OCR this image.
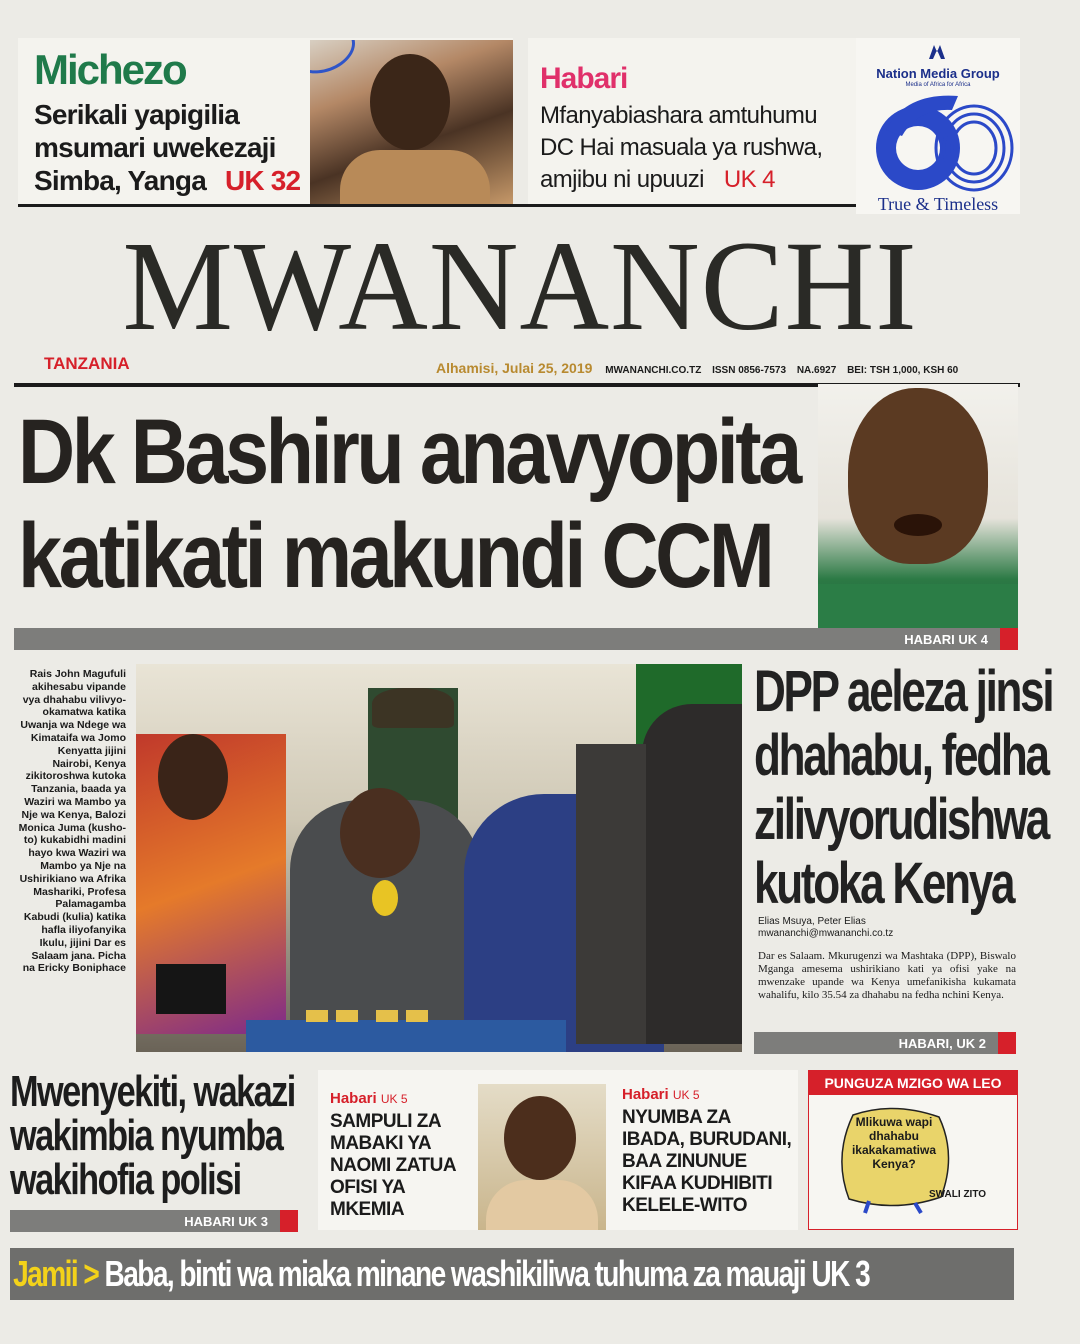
Michezo
Serikali yapigilia
msumari uwekezaji
Simba, Yanga UK 32
Habari
Mfanyabiashara amtuhumu
DC Hai masuala ya rushwa,
amjibu ni upuuzi UK 4
Nation Media Group
Media of Africa for Africa
True & Timeless
MWANANCHI
TANZANIA	Alhamisi, Julai 25, 2019 MWANANCHI.CO.TZ ISSN 0856-7573 NA.6927 BEI: TSH 1,000, KSH 60
Dk Bashiru anavyopita
katikati makundi CCM
HABARI UK 4
Rais John Magufuli akihesabu vipande vya dhahabu vilivyo-okamatwa katika Uwanja wa Ndege wa Kimataifa wa Jomo Kenyatta jijini Nairobi, Kenya zikitoroshwa kutoka Tanzania, baada ya Waziri wa Mambo ya Nje wa Kenya, Balozi Monica Juma (kusho-to) kukabidhi madini hayo kwa Waziri wa Mambo ya Nje na Ushirikiano wa Afrika Mashariki, Profesa Palamagamba Kabudi (kulia) katika hafla iliyofanyika Ikulu, jijini Dar es Salaam jana. Picha na Ericky Boniphace
DPP aeleza jinsi
dhahabu, fedha
zilivyorudishwa
kutoka Kenya
Elias Msuya, Peter Elias
mwananchi@mwananchi.co.tz
Dar es Salaam. Mkurugenzi wa Mashtaka (DPP), Biswalo Mganga amesema ushirikiano kati ya ofisi yake na mwenzake upande wa Kenya umefanikisha kukamata wahalifu, kilo 35.54 za dhahabu na fedha nchini Kenya.
HABARI, UK 2
Mwenyekiti, wakazi
wakimbia nyumba
wakihofia polisi
HABARI UK 3
Habari UK 5
SAMPULI ZA
MABAKI YA
NAOMI ZATUA
OFISI YA
MKEMIA
Habari UK 5
NYUMBA ZA
IBADA, BURUDANI,
BAA ZINUNUE
KIFAA KUDHIBITI
KELELE-WITO
PUNGUZA MZIGO WA LEO
Mlikuwa wapi
dhahabu
ikakakamatiwa
Kenya?
SWALI ZITO
Jamii > Baba, binti wa miaka minane washikiliwa tuhuma za mauaji UK 3
